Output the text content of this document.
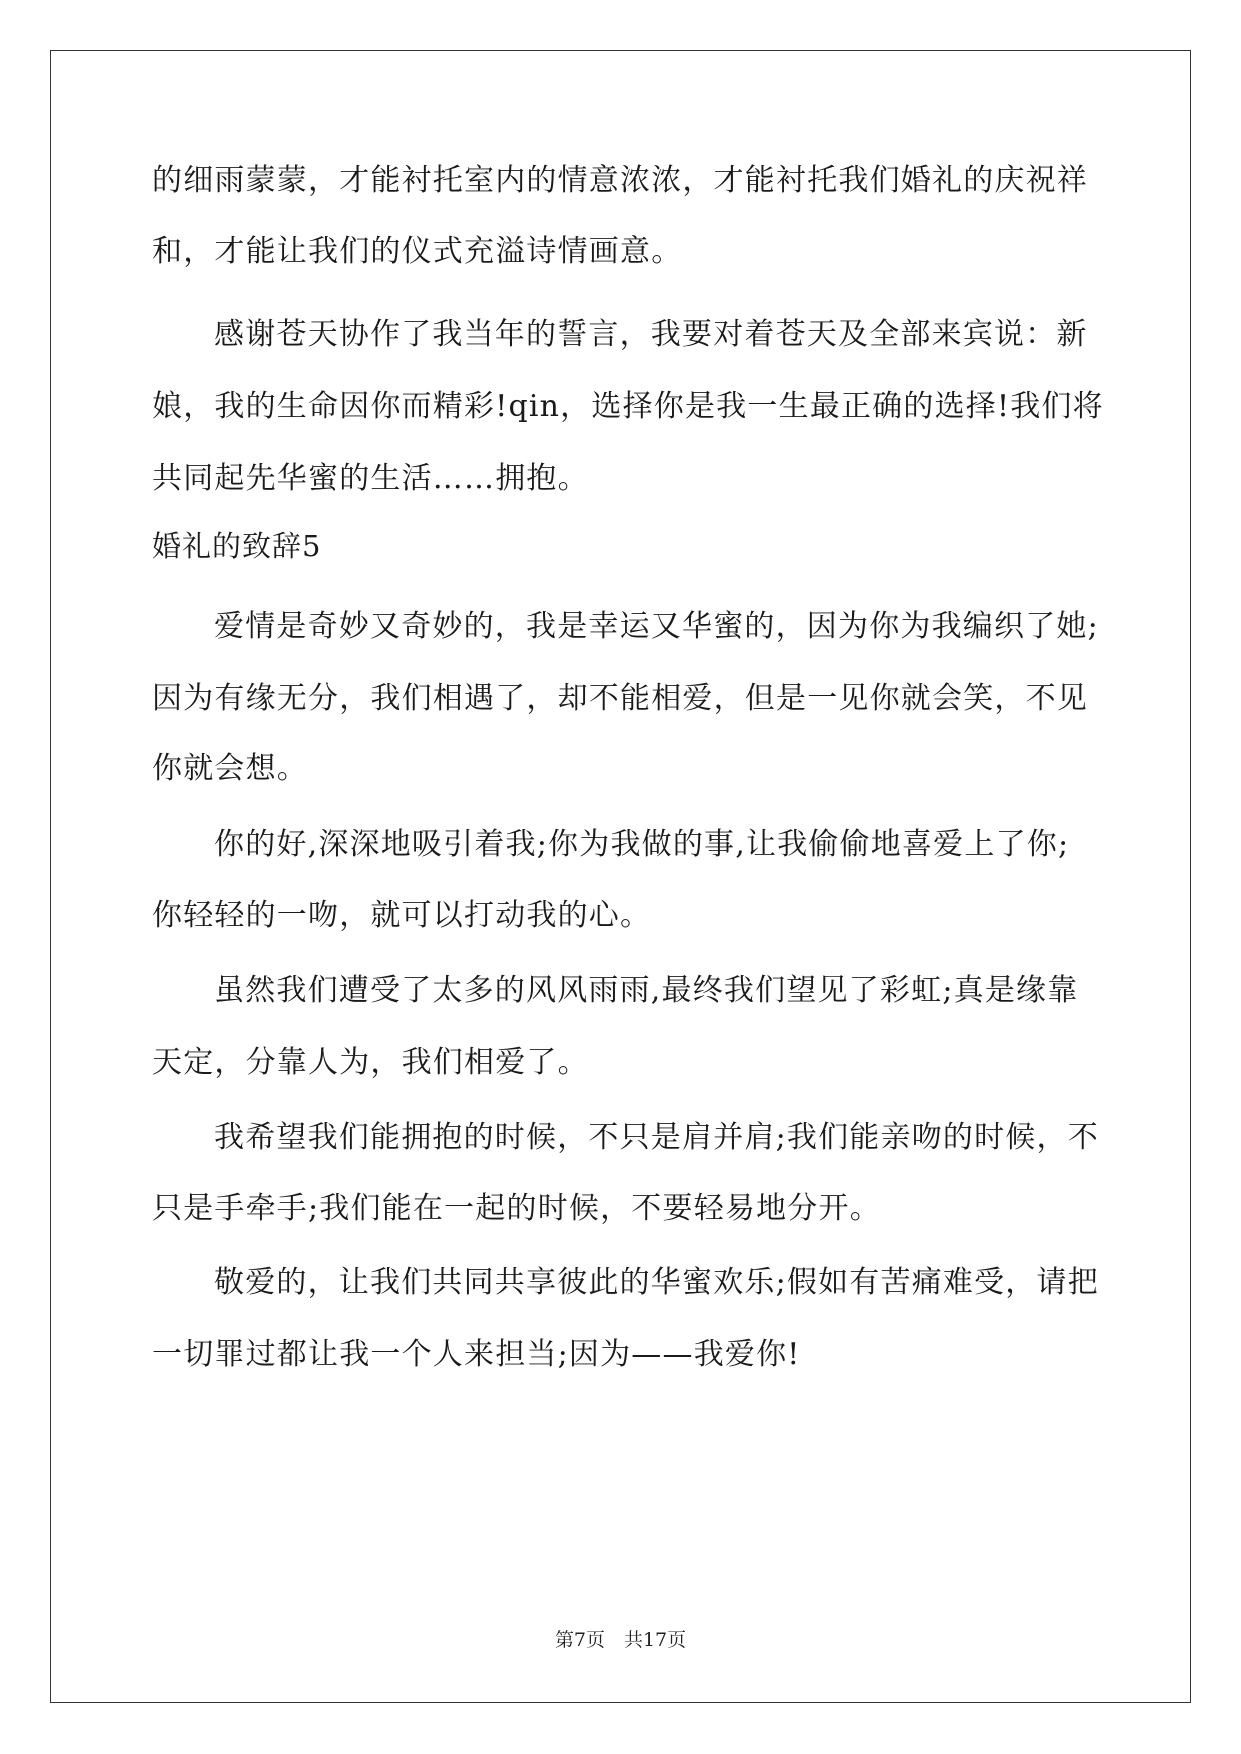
的细雨蒙蒙，才能衬托室内的情意浓浓，才能衬托我们婚礼的庆祝祥
和，才能让我们的仪式充溢诗情画意。
感谢苍天协作了我当年的誓言，我要对着苍天及全部来宾说：新
娘，我的生命因你而精彩!qin，选择你是我一生最正确的选择!我们将
共同起先华蜜的生活……拥抱。
婚礼的致辞5
爱情是奇妙又奇妙的，我是幸运又华蜜的，因为你为我编织了她;
因为有缘无分，我们相遇了，却不能相爱，但是一见你就会笑，不见
你就会想。
你的好,深深地吸引着我;你为我做的事,让我偷偷地喜爱上了你;
你轻轻的一吻，就可以打动我的心。
虽然我们遭受了太多的风风雨雨,最终我们望见了彩虹;真是缘靠
天定，分靠人为，我们相爱了。
我希望我们能拥抱的时候，不只是肩并肩;我们能亲吻的时候，不
只是手牵手;我们能在一起的时候，不要轻易地分开。
敬爱的，让我们共同共享彼此的华蜜欢乐;假如有苦痛难受，请把
一切罪过都让我一个人来担当;因为——我爱你!
第7页　共17页
